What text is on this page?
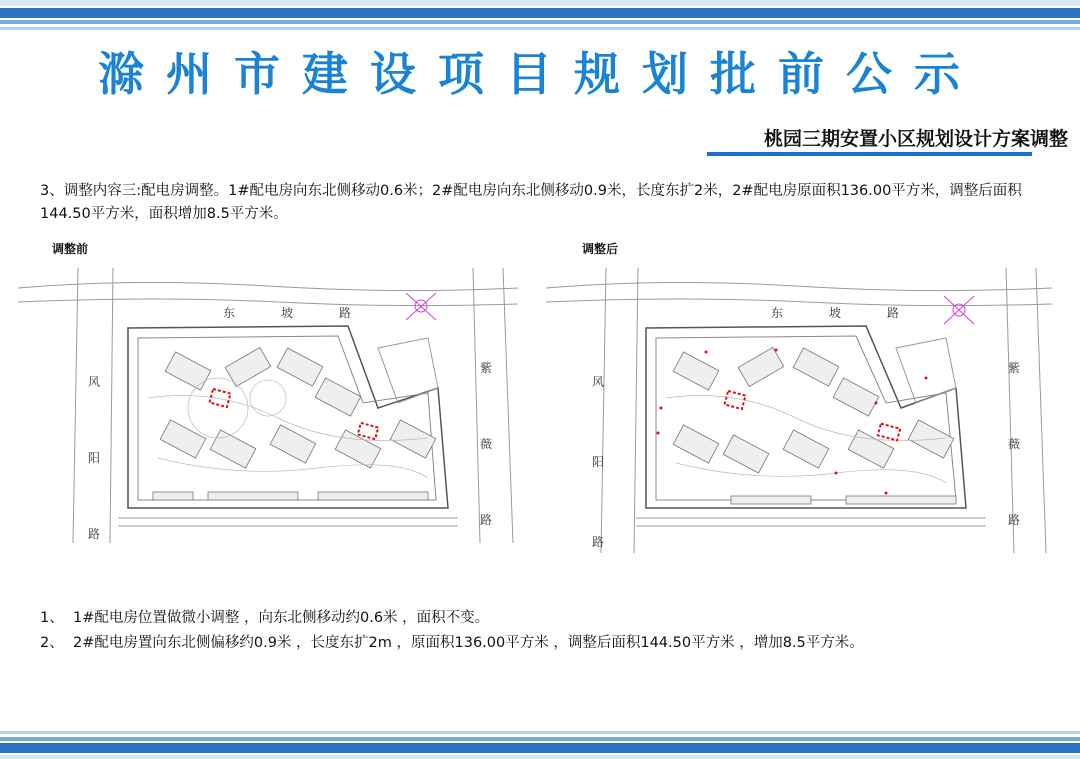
滁州市建设项目规划批前公示
桃园三期安置小区规划设计方案调整
3、调整内容三:配电房调整。1#配电房向东北侧移动0.6米；2#配电房向东北侧移动0.9米，长度东扩2米，2#配电房原面积136.00平方米，调整后面积144.50平方米，面积增加8.5平方米。
调整前	调整后
东坡路
风
阳
路
紫
薇
路
东坡路
风
阳
路
紫
薇
路
1、 1#配电房位置做微小调整 ，向东北侧移动约0.6米 ，面积不变。
2、 2#配电房置向东北侧偏移约0.9米 ，长度东扩2m ，原面积136.00平方米 ，调整后面积144.50平方米 ，增加8.5平方米。
